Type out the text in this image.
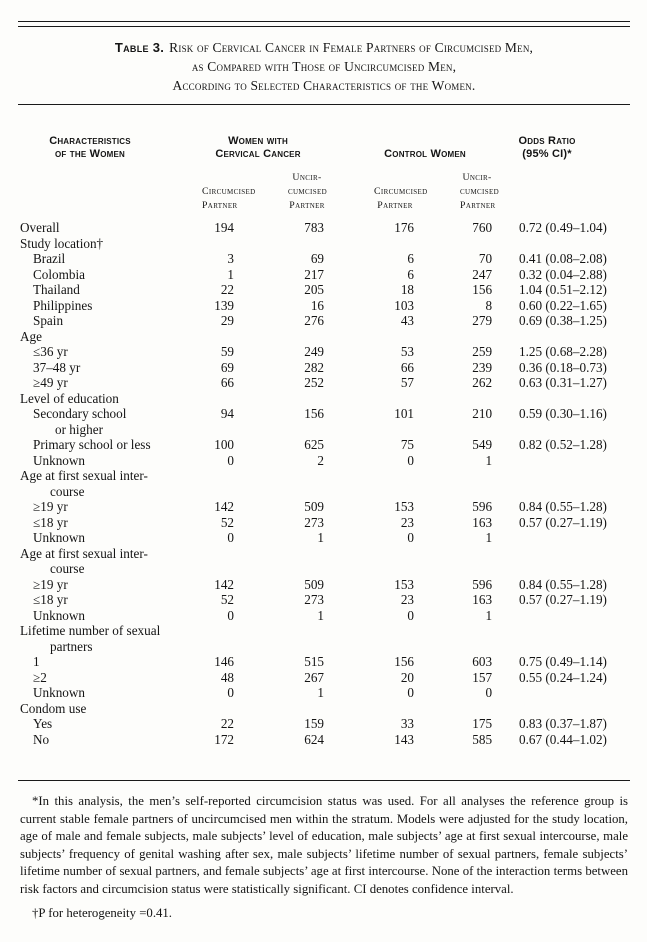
Table 3. Risk of Cervical Cancer in Female Partners of Circumcised Men,
as Compared with Those of Uncircumcised Men,
According to Selected Characteristics of the Women.
Characteristics
of the Women

Women with
Cervical Cancer	Control Women

Odds Ratio
(95% CI)*

Circumcised
Partner

Uncir-
cumcised
Partner

Circumcised
Partner

Uncir-
cumcised
Partner

Overall	194	783	176	760	0.72 (0.49–1.04)

Study location†					

Brazil	3	69	6	70	0.41 (0.08–2.08)

Colombia	1	217	6	247	0.32 (0.04–2.88)

Thailand	22	205	18	156	1.04 (0.51–2.12)

Philippines	139	16	103	8	0.60 (0.22–1.65)

Spain	29	276	43	279	0.69 (0.38–1.25)

Age					

≤36 yr	59	249	53	259	1.25 (0.68–2.28)

37–48 yr	69	282	66	239	0.36 (0.18–0.73)

≥49 yr	66	252	57	262	0.63 (0.31–1.27)

Level of education					

Secondary school
or higher	94	156	101	210	0.59 (0.30–1.16)

Primary school or less	100	625	75	549	0.82 (0.52–1.28)

Unknown	0	2	0	1	

Age at first sexual inter-
course					

≥19 yr	142	509	153	596	0.84 (0.55–1.28)

≤18 yr	52	273	23	163	0.57 (0.27–1.19)

Unknown	0	1	0	1	

Age at first sexual inter-
course					

≥19 yr	142	509	153	596	0.84 (0.55–1.28)

≤18 yr	52	273	23	163	0.57 (0.27–1.19)

Unknown	0	1	0	1	

Lifetime number of sexual
partners					

1	146	515	156	603	0.75 (0.49–1.14)

≥2	48	267	20	157	0.55 (0.24–1.24)

Unknown	0	1	0	0	

Condom use					

Yes	22	159	33	175	0.83 (0.37–1.87)

No	172	624	143	585	0.67 (0.44–1.02)

*In this analysis, the men’s self-reported circumcision status was used. For all analyses the reference group is current stable female partners of uncircumcised men within the stratum. Models were adjusted for the study location, age of male and female subjects, male subjects’ level of education, male subjects’ age at first sexual intercourse, male subjects’ frequency of genital washing after sex, male subjects’ lifetime number of sexual partners, female subjects’ lifetime number of sexual partners, and female subjects’ age at first intercourse. None of the interaction terms between risk factors and circumcision status were statistically significant. CI denotes confidence interval.

†P for heterogeneity =0.41.
